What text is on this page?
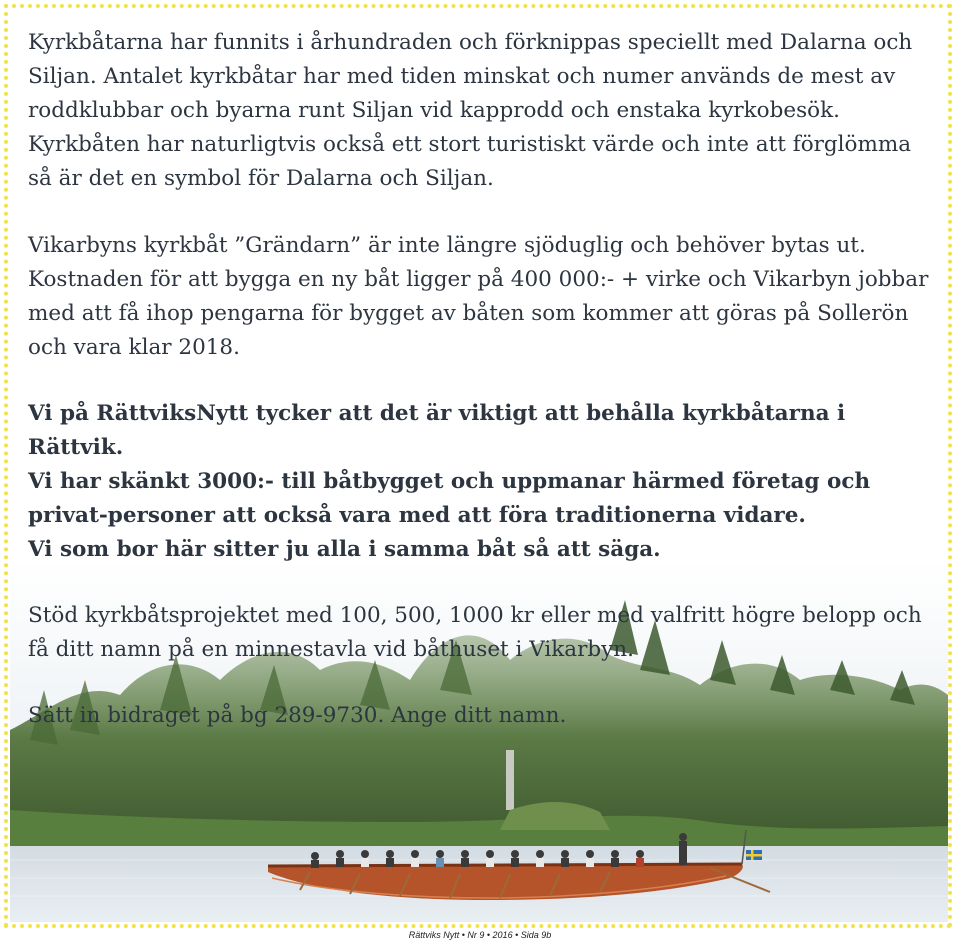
Kyrkbåtarna har funnits i århundraden och förknippas speciellt med Dalarna och Siljan. Antalet kyrkbåtar har med tiden minskat och numer används de mest av roddklubbar och byarna runt Siljan vid kapprodd och enstaka kyrkobesök. Kyrkbåten har naturligtvis också ett stort turistiskt värde och inte att förglömma så är det en symbol för Dalarna och Siljan.

Vikarbyns kyrkbåt ”Grändarn” är inte längre sjöduglig och behöver bytas ut. Kostnaden för att bygga en ny båt ligger på 400 000:- + virke och Vikarbyn jobbar med att få ihop pengarna för bygget av båten som kommer att göras på Sollerön och vara klar 2018.

Vi på RättviksNytt tycker att det är viktigt att behålla kyrkbåtarna i Rättvik.
Vi har skänkt 3000:- till båtbygget och uppmanar härmed företag och privat-personer att också vara med att föra traditionerna vidare.
Vi som bor här sitter ju alla i samma båt så att säga.

Stöd kyrkbåtsprojektet med 100, 500, 1000 kr eller med valfritt högre belopp och få ditt namn på en minnestavla vid båthuset i Vikarbyn.

Sätt in bidraget på bg 289-9730. Ange ditt namn.

Rättviks Nytt • Nr 9 • 2016 • Sida 9b
